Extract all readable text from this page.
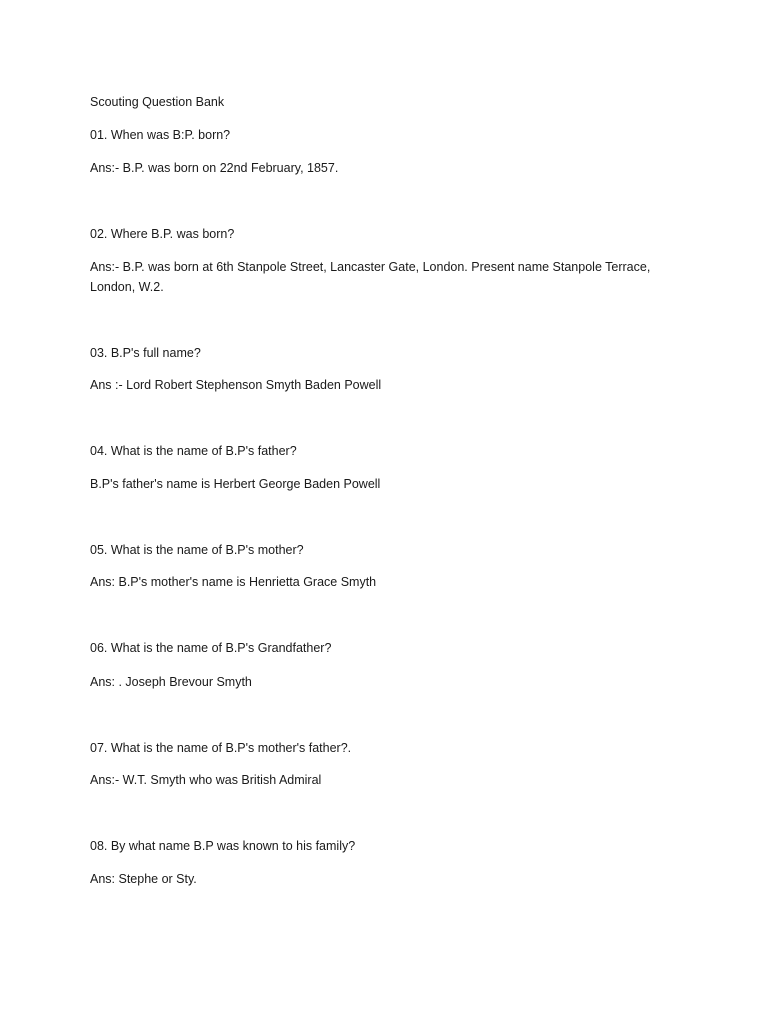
Scouting Question Bank

01. When was B:P. born?

Ans:- B.P. was born on 22nd February, 1857.

02. Where B.P. was born?

Ans:- B.P. was born at 6th Stanpole Street, Lancaster Gate, London. Present name Stanpole Terrace, London, W.2.

03. B.P's full name?

Ans :- Lord Robert Stephenson Smyth Baden Powell

04. What is the name of B.P's father?

B.P's father's name is Herbert George Baden Powell

05. What is the name of B.P's mother?

Ans: B.P's mother's name is Henrietta Grace Smyth

06. What is the name of B.P's Grandfather?

Ans: . Joseph Brevour Smyth

07. What is the name of B.P's mother's father?.

Ans:- W.T. Smyth who was British Admiral

08. By what name B.P was known to his family?

Ans: Stephe or Sty.
